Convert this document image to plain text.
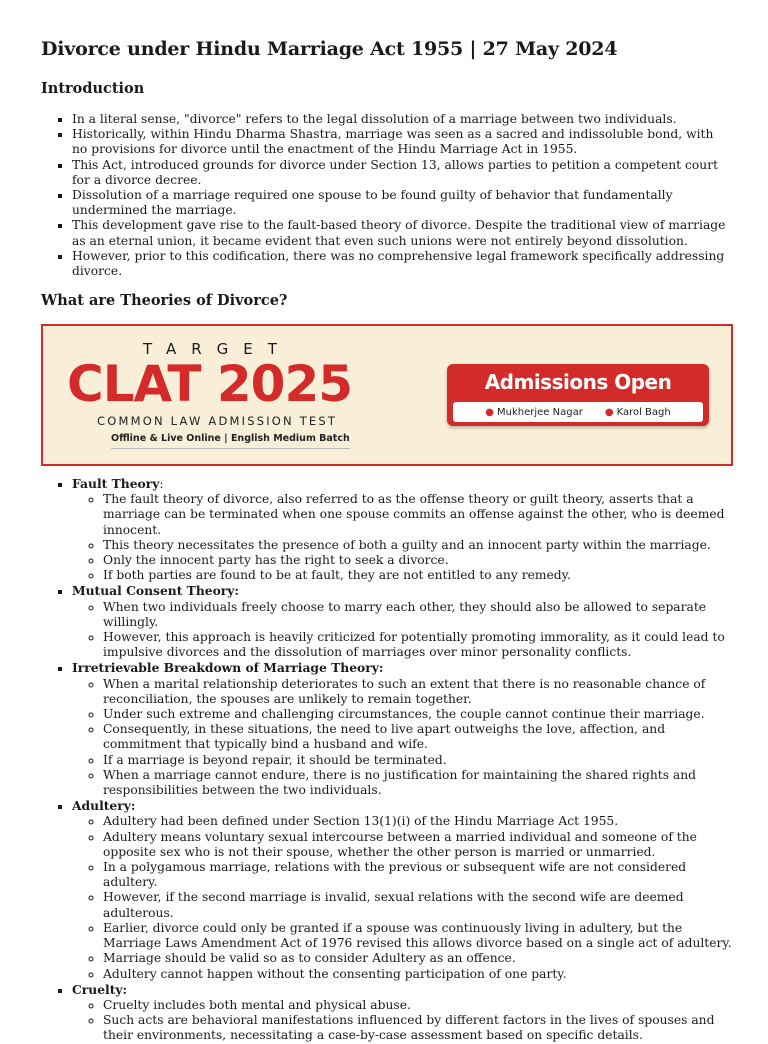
Divorce under Hindu Marriage Act 1955 | 27 May 2024
Introduction
▪ In a literal sense, "divorce" refers to the legal dissolution of a marriage between two individuals.
▪ Historically, within Hindu Dharma Shastra, marriage was seen as a sacred and indissoluble bond, with no provisions for divorce until the enactment of the Hindu Marriage Act in 1955.
▪ This Act, introduced grounds for divorce under Section 13, allows parties to petition a competent court for a divorce decree.
▪ Dissolution of a marriage required one spouse to be found guilty of behavior that fundamentally undermined the marriage.
▪ This development gave rise to the fault-based theory of divorce. Despite the traditional view of marriage as an eternal union, it became evident that even such unions were not entirely beyond dissolution.
▪ However, prior to this codification, there was no comprehensive legal framework specifically addressing divorce.
What are Theories of Divorce?
TARGET
CLAT 2025
COMMON LAW ADMISSION TEST
Offline & Live Online | English Medium Batch
Admissions Open
● Mukherjee Nagar ● Karol Bagh
▪ Fault Theory:
◦ The fault theory of divorce, also referred to as the offense theory or guilt theory, asserts that a marriage can be terminated when one spouse commits an offense against the other, who is deemed innocent.
◦ This theory necessitates the presence of both a guilty and an innocent party within the marriage.
◦ Only the innocent party has the right to seek a divorce.
◦ If both parties are found to be at fault, they are not entitled to any remedy.
▪ Mutual Consent Theory:
◦ When two individuals freely choose to marry each other, they should also be allowed to separate willingly.
◦ However, this approach is heavily criticized for potentially promoting immorality, as it could lead to impulsive divorces and the dissolution of marriages over minor personality conflicts.
▪ Irretrievable Breakdown of Marriage Theory:
◦ When a marital relationship deteriorates to such an extent that there is no reasonable chance of reconciliation, the spouses are unlikely to remain together.
◦ Under such extreme and challenging circumstances, the couple cannot continue their marriage.
◦ Consequently, in these situations, the need to live apart outweighs the love, affection, and commitment that typically bind a husband and wife.
◦ If a marriage is beyond repair, it should be terminated.
◦ When a marriage cannot endure, there is no justification for maintaining the shared rights and responsibilities between the two individuals.
▪ Adultery:
◦ Adultery had been defined under Section 13(1)(i) of the Hindu Marriage Act 1955.
◦ Adultery means voluntary sexual intercourse between a married individual and someone of the opposite sex who is not their spouse, whether the other person is married or unmarried.
◦ In a polygamous marriage, relations with the previous or subsequent wife are not considered adultery.
◦ However, if the second marriage is invalid, sexual relations with the second wife are deemed adulterous.
◦ Earlier, divorce could only be granted if a spouse was continuously living in adultery, but the Marriage Laws Amendment Act of 1976 revised this allows divorce based on a single act of adultery.
◦ Marriage should be valid so as to consider Adultery as an offence.
◦ Adultery cannot happen without the consenting participation of one party.
▪ Cruelty:
◦ Cruelty includes both mental and physical abuse.
◦ Such acts are behavioral manifestations influenced by different factors in the lives of spouses and their environments, necessitating a case-by-case assessment based on specific details.
